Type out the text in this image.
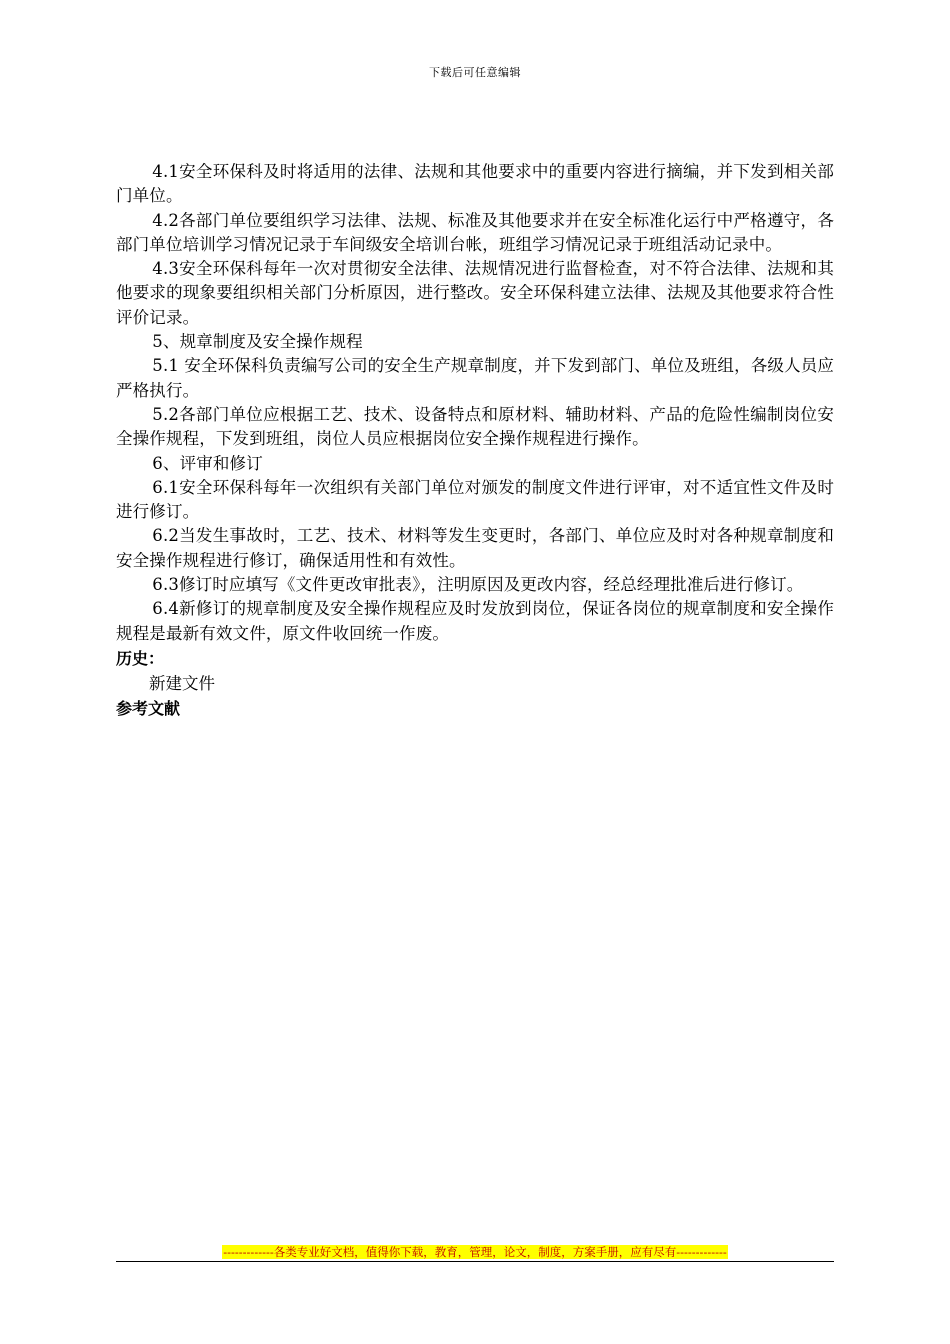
下载后可任意编辑

4.1安全环保科及时将适用的法律、法规和其他要求中的重要内容进行摘编，并下发到相关部门单位。

4.2各部门单位要组织学习法律、法规、标准及其他要求并在安全标准化运行中严格遵守，各部门单位培训学习情况记录于车间级安全培训台帐，班组学习情况记录于班组活动记录中。

4.3安全环保科每年一次对贯彻安全法律、法规情况进行监督检查，对不符合法律、法规和其他要求的现象要组织相关部门分析原因，进行整改。安全环保科建立法律、法规及其他要求符合性评价记录。

5、规章制度及安全操作规程

5.1 安全环保科负责编写公司的安全生产规章制度，并下发到部门、单位及班组，各级人员应严格执行。

5.2各部门单位应根据工艺、技术、设备特点和原材料、辅助材料、产品的危险性编制岗位安全操作规程，下发到班组，岗位人员应根据岗位安全操作规程进行操作。

6、评审和修订

6.1安全环保科每年一次组织有关部门单位对颁发的制度文件进行评审，对不适宜性文件及时进行修订。

6.2当发生事故时，工艺、技术、材料等发生变更时，各部门、单位应及时对各种规章制度和安全操作规程进行修订，确保适用性和有效性。

6.3修订时应填写《文件更改审批表》，注明原因及更改内容，经总经理批准后进行修订。

6.4新修订的规章制度及安全操作规程应及时发放到岗位，保证各岗位的规章制度和安全操作规程是最新有效文件，原文件收回统一作废。

历史：

新建文件

参考文献

-------------各类专业好文档，值得你下载，教育，管理，论文，制度，方案手册，应有尽有-------------
